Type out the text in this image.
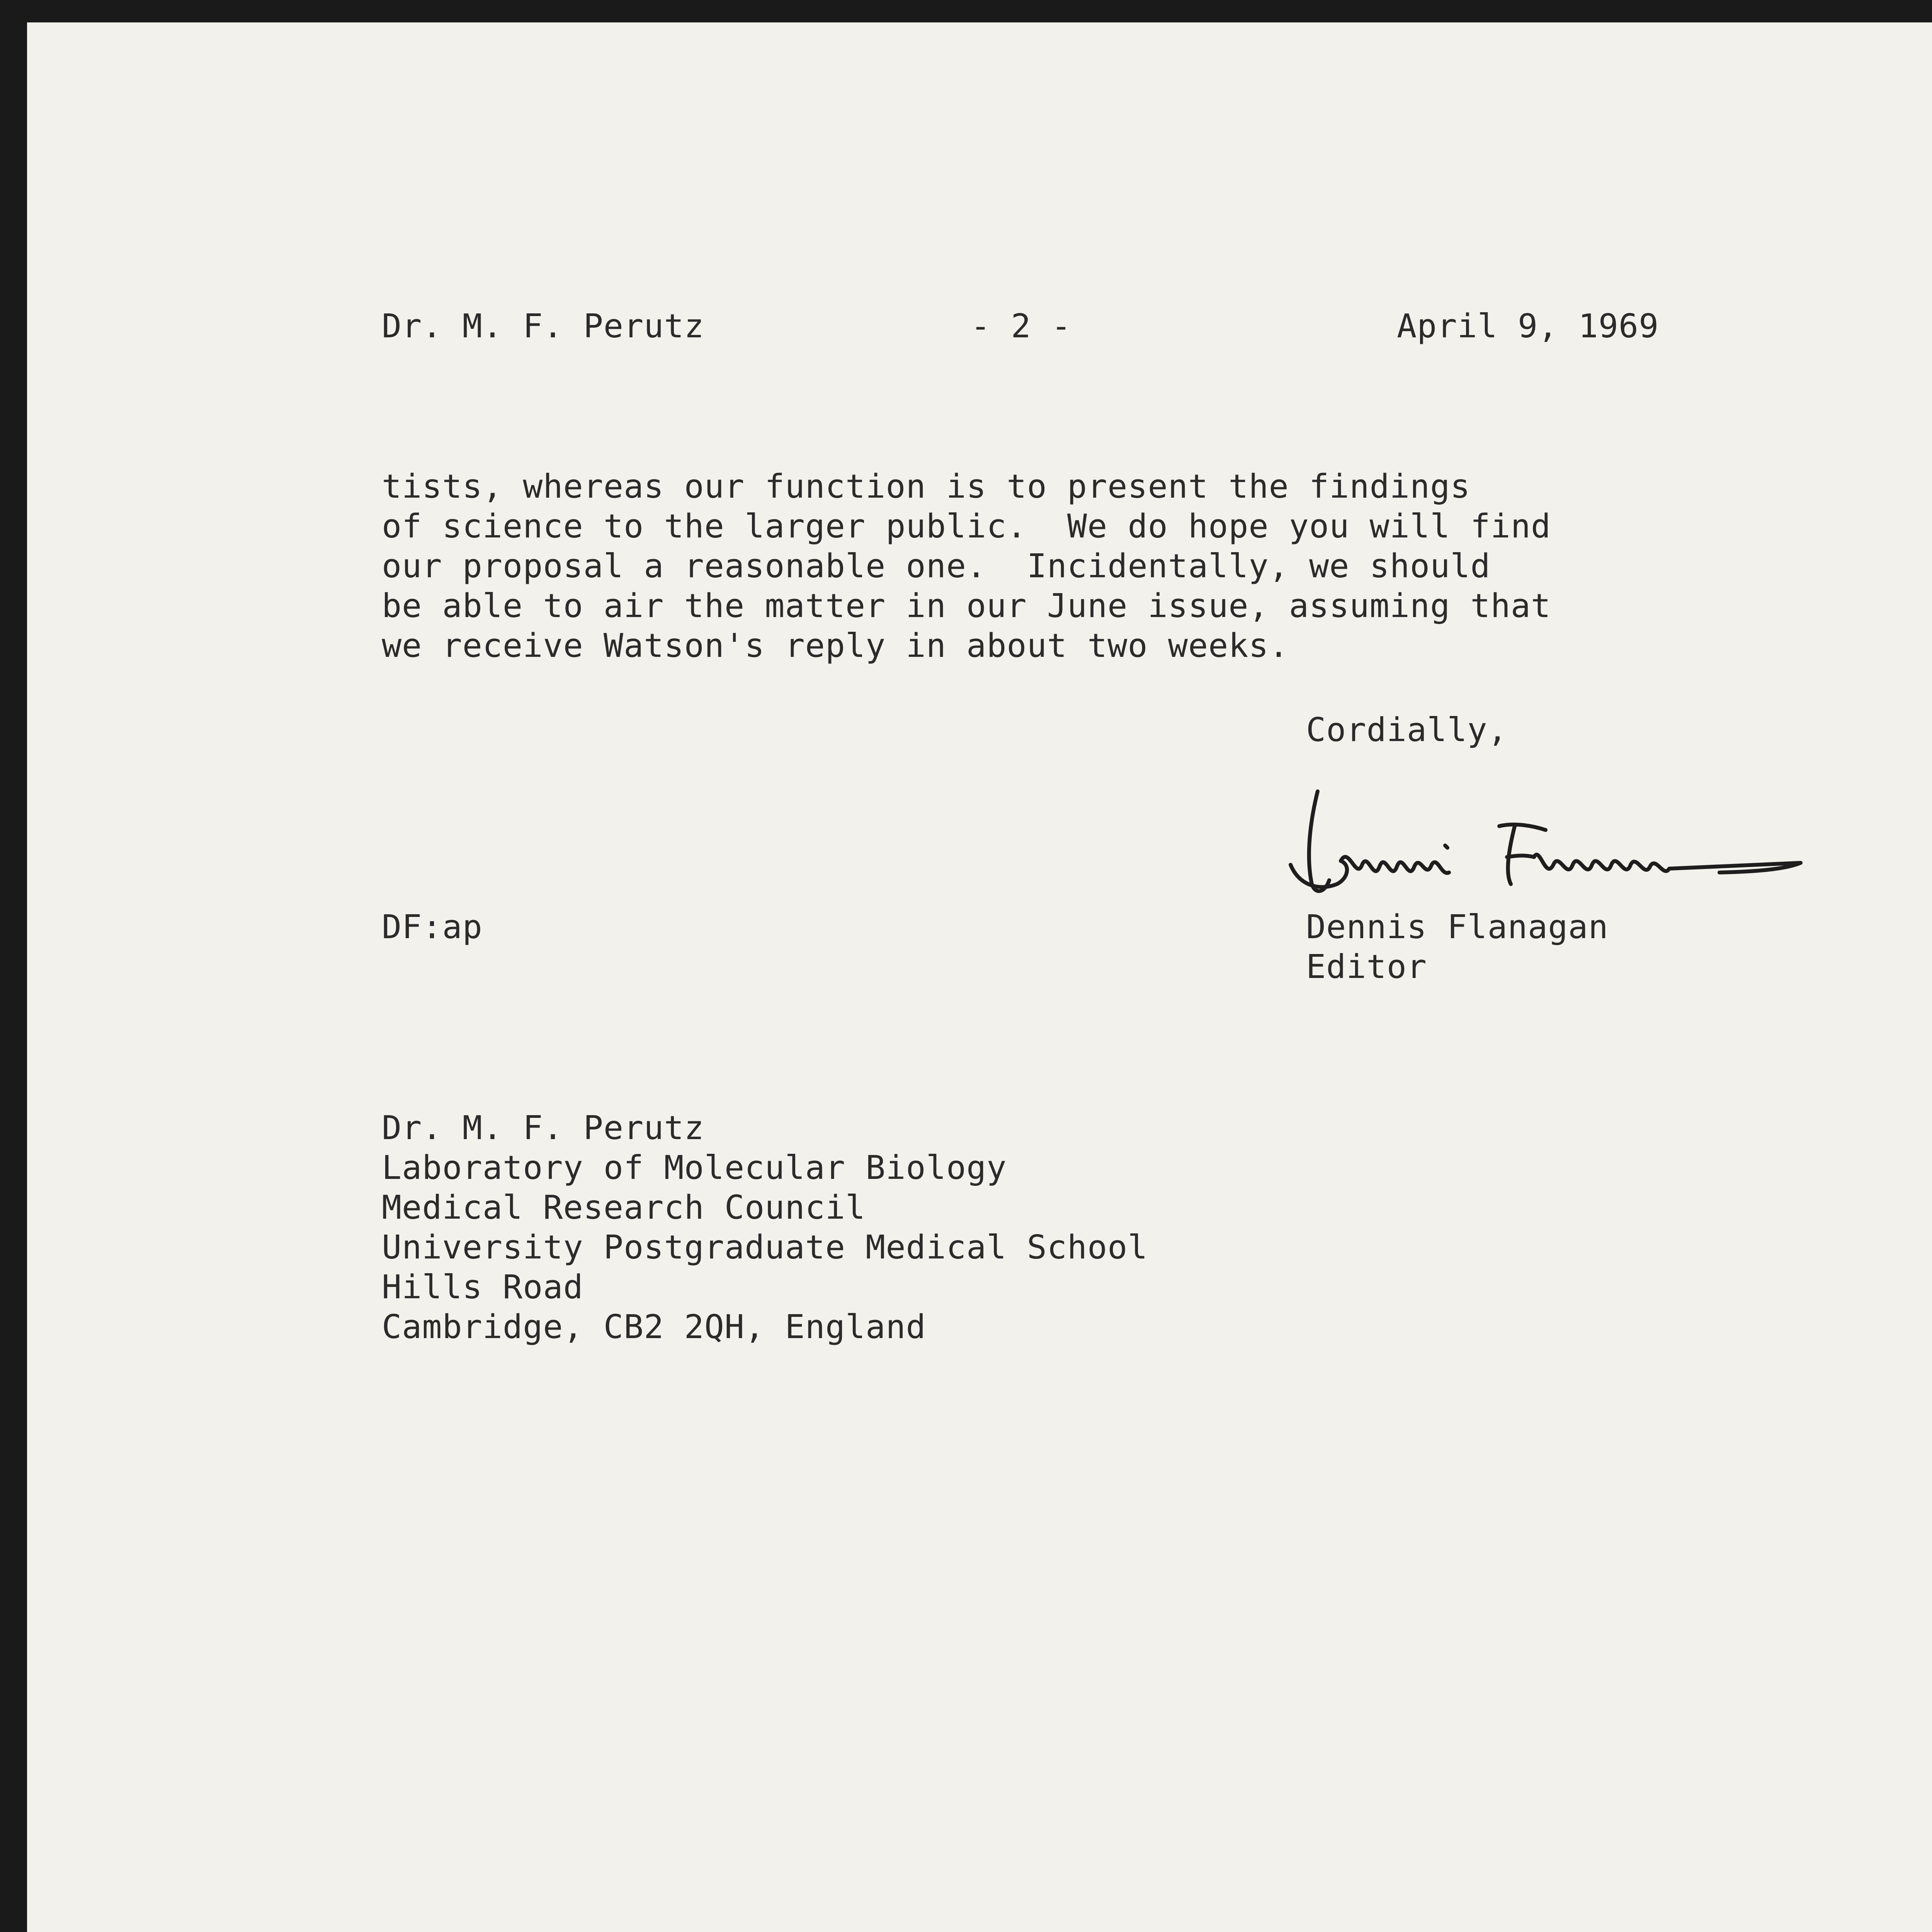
Dr. M. F. Perutz	- 2 -	April 9, 1969
tists, whereas our function is to present the findings
of science to the larger public.  We do hope you will find
our proposal a reasonable one.  Incidentally, we should
be able to air the matter in our June issue, assuming that
we receive Watson's reply in about two weeks.
Cordially,
DF:ap	Dennis Flanagan
Editor
Dr. M. F. Perutz
Laboratory of Molecular Biology
Medical Research Council
University Postgraduate Medical School
Hills Road
Cambridge, CB2 2QH, England
